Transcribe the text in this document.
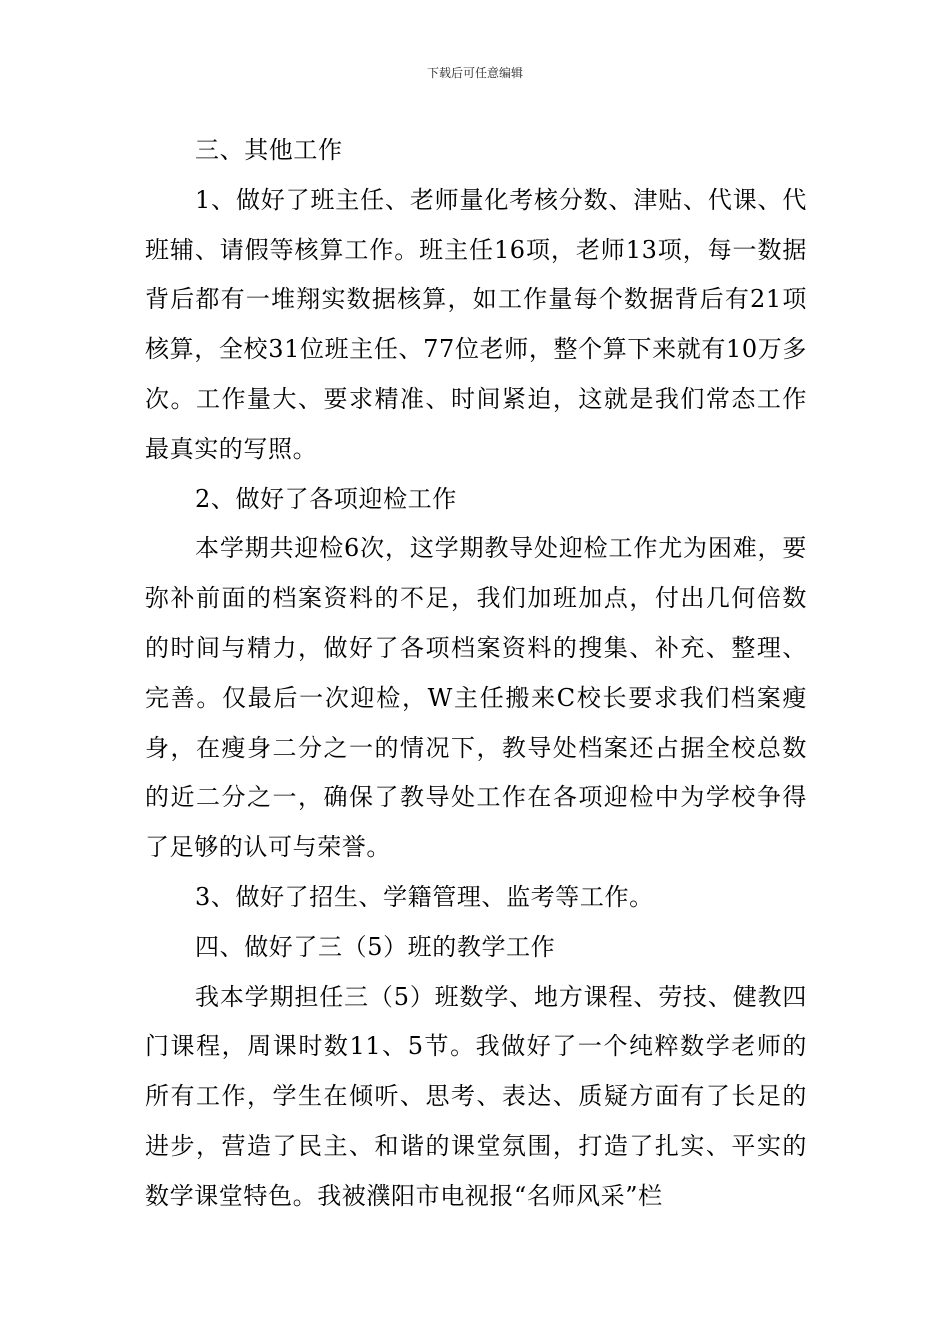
下载后可任意编辑

三、其他工作

1、做好了班主任、老师量化考核分数、津贴、代课、代班辅、请假等核算工作。班主任16项，老师13项，每一数据背后都有一堆翔实数据核算，如工作量每个数据背后有21项核算，全校31位班主任、77位老师，整个算下来就有10万多次。工作量大、要求精准、时间紧迫，这就是我们常态工作最真实的写照。

2、做好了各项迎检工作

本学期共迎检6次，这学期教导处迎检工作尤为困难，要弥补前面的档案资料的不足，我们加班加点，付出几何倍数的时间与精力，做好了各项档案资料的搜集、补充、整理、完善。仅最后一次迎检，W主任搬来C校长要求我们档案瘦身，在瘦身二分之一的情况下，教导处档案还占据全校总数的近二分之一，确保了教导处工作在各项迎检中为学校争得了足够的认可与荣誉。

3、做好了招生、学籍管理、监考等工作。

四、做好了三（5）班的教学工作

我本学期担任三（5）班数学、地方课程、劳技、健教四门课程，周课时数11、5节。我做好了一个纯粹数学老师的所有工作，学生在倾听、思考、表达、质疑方面有了长足的进步，营造了民主、和谐的课堂氛围，打造了扎实、平实的数学课堂特色。我被濮阳市电视报“名师风采”栏
